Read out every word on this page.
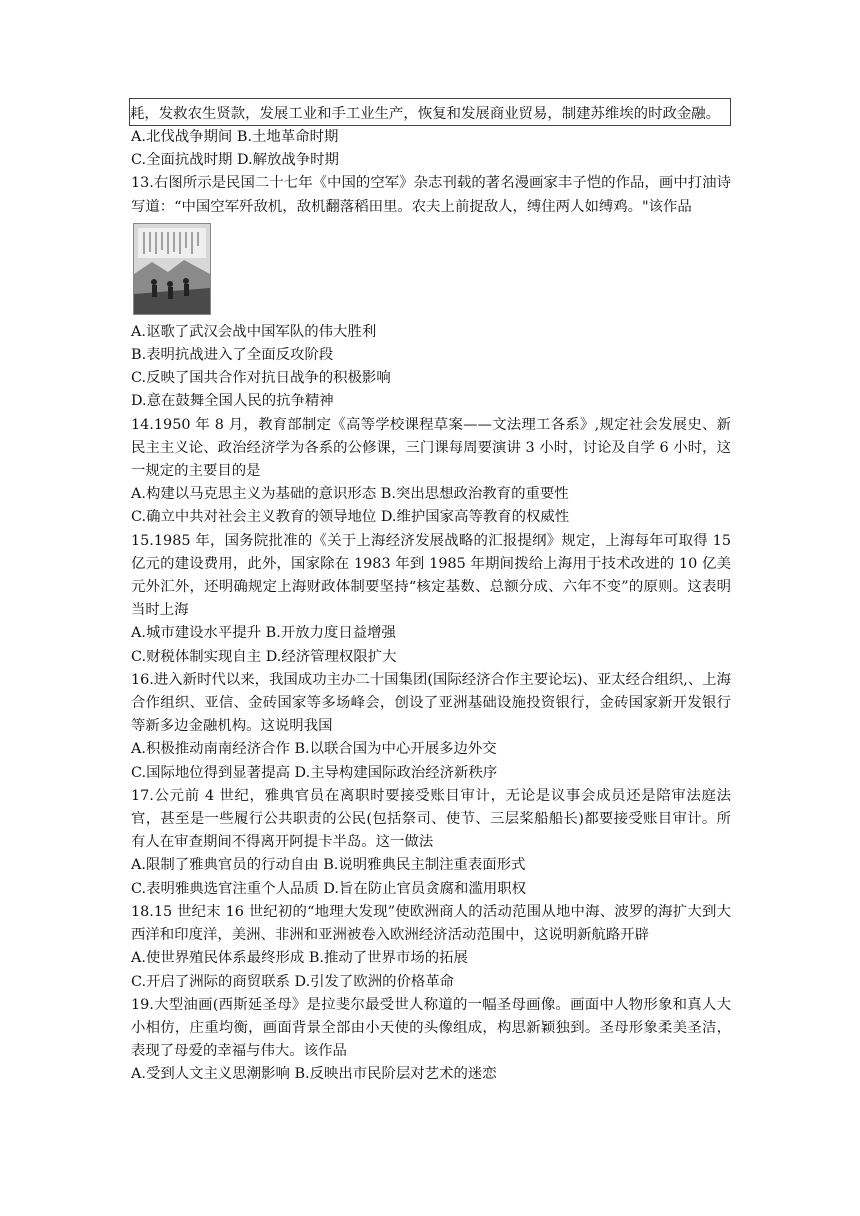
耗，发救农生贤款，发展工业和手工业生产，恢复和发展商业贸易，制建苏维埃的时政金融。
A.北伐战争期间 B.土地革命时期
C.全面抗战时期 D.解放战争时期
13.右图所示是民国二十七年《中国的空军》杂志刊载的著名漫画家丰子恺的作品，画中打油诗写道：“中国空军歼敌机，敌机翻落稻田里。农夫上前捉敌人，缚住两人如缚鸡。"该作品
A.讴歌了武汉会战中国军队的伟大胜利
B.表明抗战进入了全面反攻阶段
C.反映了国共合作对抗日战争的积极影响
D.意在鼓舞全国人民的抗争精神
14.1950 年 8 月，教育部制定《高等学校课程草案——文法理工各系》,规定社会发展史、新民主主义论、政治经济学为各系的公修课，三门课每周要演讲 3 小时，讨论及自学 6 小时，这一规定的主要目的是
A.构建以马克思主义为基础的意识形态 B.突出思想政治教育的重要性
C.确立中共对社会主义教育的领导地位 D.维护国家高等教育的权威性
15.1985 年，国务院批准的《关于上海经济发展战略的汇报提纲》规定，上海每年可取得 15 亿元的建设费用，此外，国家除在 1983 年到 1985 年期间拨给上海用于技术改进的 10 亿美元外汇外，还明确规定上海财政体制要坚持“核定基数、总额分成、六年不变”的原则。这表明当时上海
A.城市建设水平提升 B.开放力度日益增强
C.财税体制实现自主 D.经济管理权限扩大
16.进入新时代以来，我国成功主办二十国集团(国际经济合作主要论坛)、亚太经合组织,、上海合作组织、亚信、金砖国家等多场峰会，创设了亚洲基础设施投资银行，金砖国家新开发银行等新多边金融机构。这说明我国
A.积极推动南南经济合作 B.以联合国为中心开展多边外交
C.国际地位得到显著提高 D.主导构建国际政治经济新秩序
17.公元前 4 世纪，雅典官员在离职时要接受账目审计，无论是议事会成员还是陪审法庭法官，甚至是一些履行公共职责的公民(包括祭司、使节、三层桨船船长)都要接受账目审计。所有人在审查期间不得离开阿提卡半岛。这一做法
A.限制了雅典官员的行动自由 B.说明雅典民主制注重表面形式
C.表明雅典选官注重个人品质 D.旨在防止官员贪腐和滥用职权
18.15 世纪末 16 世纪初的“地理大发现”使欧洲商人的活动范围从地中海、波罗的海扩大到大西洋和印度洋，美洲、非洲和亚洲被卷入欧洲经济活动范围中，这说明新航路开辟
A.使世界殖民体系最终形成 B.推动了世界市场的拓展
C.开启了洲际的商贸联系 D.引发了欧洲的价格革命
19.大型油画(西斯延圣母》是拉斐尔最受世人称道的一幅圣母画像。画面中人物形象和真人大小相仿，庄重均衡，画面背景全部由小天使的头像组成，构思新颖独到。圣母形象柔美圣洁，表现了母爱的幸福与伟大。该作品
A.受到人文主义思潮影响 B.反映出市民阶层对艺术的迷恋
